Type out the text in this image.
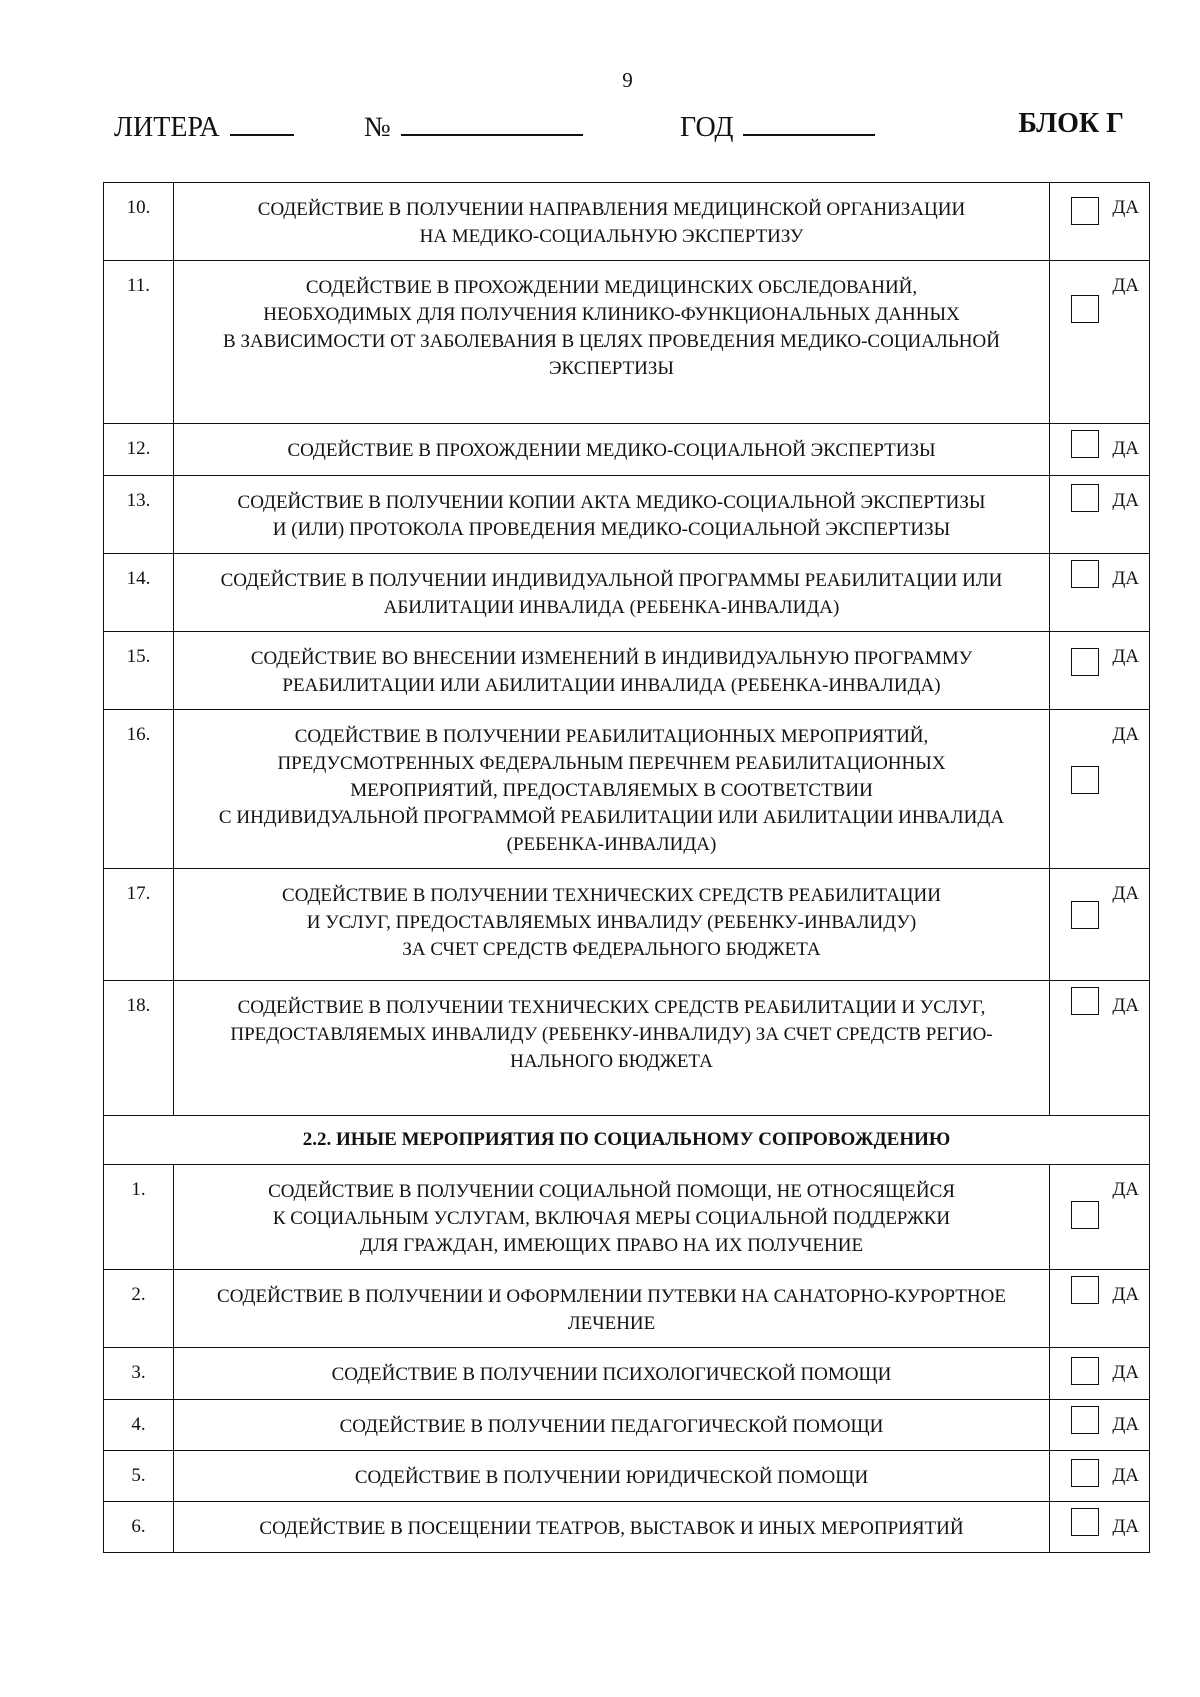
9
ЛИТЕРА	№	ГОД	БЛОК Г
10.	СОДЕЙСТВИЕ В ПОЛУЧЕНИИ НАПРАВЛЕНИЯ МЕДИЦИНСКОЙ ОРГАНИЗАЦИИ
НА МЕДИКО-СОЦИАЛЬНУЮ ЭКСПЕРТИЗУ	ДА

11.	СОДЕЙСТВИЕ В ПРОХОЖДЕНИИ МЕДИЦИНСКИХ ОБСЛЕДОВАНИЙ,
НЕОБХОДИМЫХ ДЛЯ ПОЛУЧЕНИЯ КЛИНИКО-ФУНКЦИОНАЛЬНЫХ ДАННЫХ
В ЗАВИСИМОСТИ ОТ ЗАБОЛЕВАНИЯ В ЦЕЛЯХ ПРОВЕДЕНИЯ МЕДИКО-СОЦИАЛЬНОЙ
ЭКСПЕРТИЗЫ	ДА

12.	СОДЕЙСТВИЕ В ПРОХОЖДЕНИИ МЕДИКО-СОЦИАЛЬНОЙ ЭКСПЕРТИЗЫ	ДА

13.	СОДЕЙСТВИЕ В ПОЛУЧЕНИИ КОПИИ АКТА МЕДИКО-СОЦИАЛЬНОЙ ЭКСПЕРТИЗЫ
И (ИЛИ) ПРОТОКОЛА ПРОВЕДЕНИЯ МЕДИКО-СОЦИАЛЬНОЙ ЭКСПЕРТИЗЫ	ДА

14.	СОДЕЙСТВИЕ В ПОЛУЧЕНИИ ИНДИВИДУАЛЬНОЙ ПРОГРАММЫ РЕАБИЛИТАЦИИ ИЛИ
АБИЛИТАЦИИ ИНВАЛИДА (РЕБЕНКА-ИНВАЛИДА)	ДА

15.	СОДЕЙСТВИЕ ВО ВНЕСЕНИИ ИЗМЕНЕНИЙ В ИНДИВИДУАЛЬНУЮ ПРОГРАММУ
РЕАБИЛИТАЦИИ ИЛИ АБИЛИТАЦИИ ИНВАЛИДА (РЕБЕНКА-ИНВАЛИДА)	ДА

16.	СОДЕЙСТВИЕ В ПОЛУЧЕНИИ РЕАБИЛИТАЦИОННЫХ МЕРОПРИЯТИЙ,
ПРЕДУСМОТРЕННЫХ ФЕДЕРАЛЬНЫМ ПЕРЕЧНЕМ РЕАБИЛИТАЦИОННЫХ
МЕРОПРИЯТИЙ, ПРЕДОСТАВЛЯЕМЫХ В СООТВЕТСТВИИ
С ИНДИВИДУАЛЬНОЙ ПРОГРАММОЙ РЕАБИЛИТАЦИИ ИЛИ АБИЛИТАЦИИ ИНВАЛИДА
(РЕБЕНКА-ИНВАЛИДА)	ДА

17.	СОДЕЙСТВИЕ В ПОЛУЧЕНИИ ТЕХНИЧЕСКИХ СРЕДСТВ РЕАБИЛИТАЦИИ
И УСЛУГ, ПРЕДОСТАВЛЯЕМЫХ ИНВАЛИДУ (РЕБЕНКУ-ИНВАЛИДУ)
ЗА СЧЕТ СРЕДСТВ ФЕДЕРАЛЬНОГО БЮДЖЕТА	ДА

18.	СОДЕЙСТВИЕ В ПОЛУЧЕНИИ ТЕХНИЧЕСКИХ СРЕДСТВ РЕАБИЛИТАЦИИ И УСЛУГ,
ПРЕДОСТАВЛЯЕМЫХ ИНВАЛИДУ (РЕБЕНКУ-ИНВАЛИДУ) ЗА СЧЕТ СРЕДСТВ РЕГИО-
НАЛЬНОГО БЮДЖЕТА	ДА

2.2. ИНЫЕ МЕРОПРИЯТИЯ ПО СОЦИАЛЬНОМУ СОПРОВОЖДЕНИЮ		
1.	СОДЕЙСТВИЕ В ПОЛУЧЕНИИ СОЦИАЛЬНОЙ ПОМОЩИ, НЕ ОТНОСЯЩЕЙСЯ
К СОЦИАЛЬНЫМ УСЛУГАМ, ВКЛЮЧАЯ МЕРЫ СОЦИАЛЬНОЙ ПОДДЕРЖКИ
ДЛЯ ГРАЖДАН, ИМЕЮЩИХ ПРАВО НА ИХ ПОЛУЧЕНИЕ	ДА

2.	СОДЕЙСТВИЕ В ПОЛУЧЕНИИ И ОФОРМЛЕНИИ ПУТЕВКИ НА САНАТОРНО-КУРОРТНОЕ
ЛЕЧЕНИЕ	ДА

3.	СОДЕЙСТВИЕ В ПОЛУЧЕНИИ ПСИХОЛОГИЧЕСКОЙ ПОМОЩИ	ДА

4.	СОДЕЙСТВИЕ В ПОЛУЧЕНИИ ПЕДАГОГИЧЕСКОЙ ПОМОЩИ	ДА

5.	СОДЕЙСТВИЕ В ПОЛУЧЕНИИ ЮРИДИЧЕСКОЙ ПОМОЩИ	ДА

6.	СОДЕЙСТВИЕ В ПОСЕЩЕНИИ ТЕАТРОВ, ВЫСТАВОК И ИНЫХ МЕРОПРИЯТИЙ	ДА
